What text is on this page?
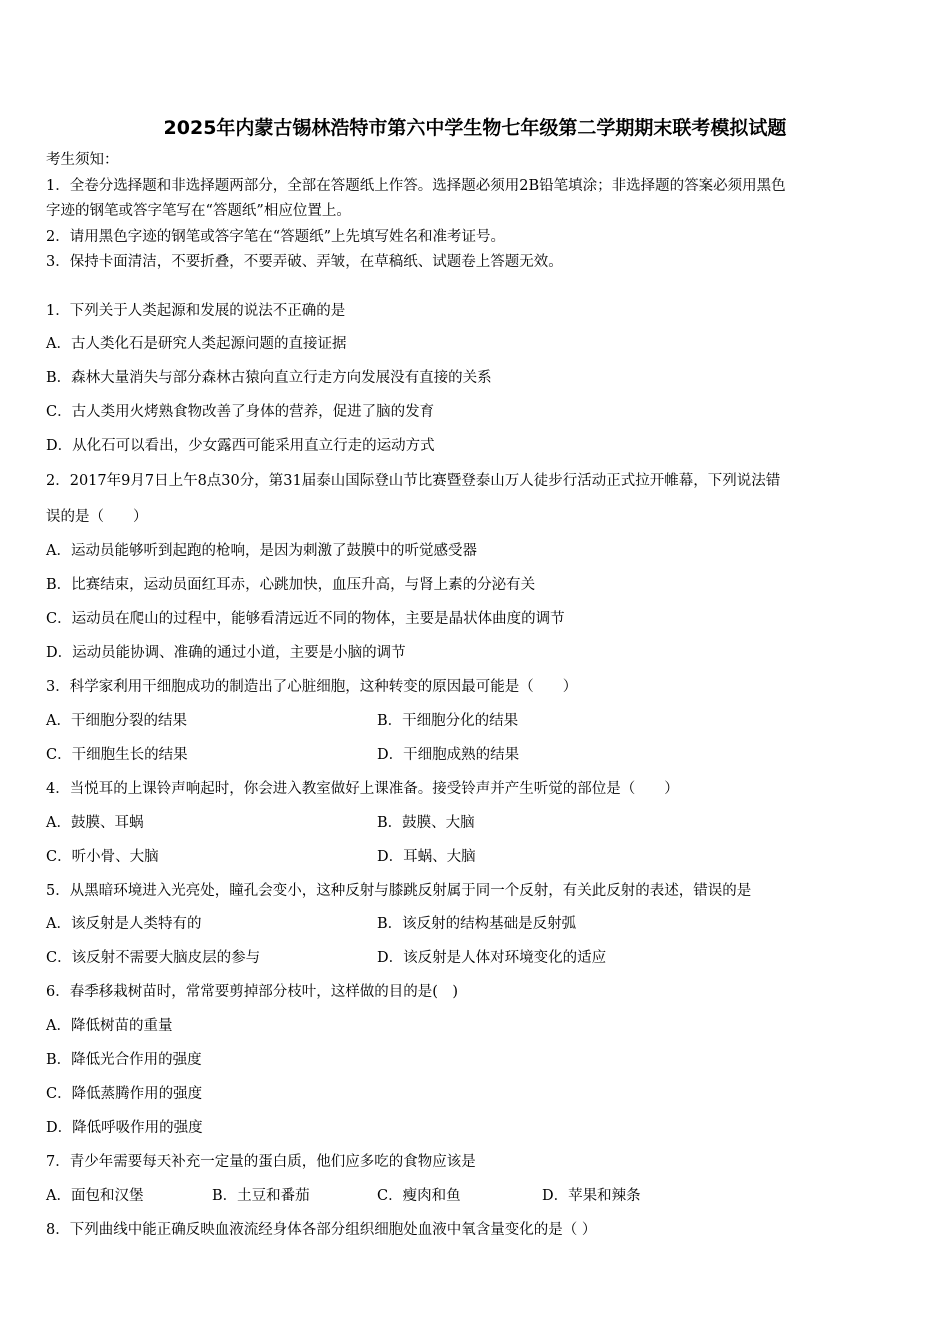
2025年内蒙古锡林浩特市第六中学生物七年级第二学期期末联考模拟试题
考生须知：
1．全卷分选择题和非选择题两部分，全部在答题纸上作答。选择题必须用2B铅笔填涂；非选择题的答案必须用黑色
字迹的钢笔或答字笔写在“答题纸”相应位置上。
2．请用黑色字迹的钢笔或答字笔在“答题纸”上先填写姓名和准考证号。
3．保持卡面清洁，不要折叠，不要弄破、弄皱，在草稿纸、试题卷上答题无效。
1．下列关于人类起源和发展的说法不正确的是
A．古人类化石是研究人类起源问题的直接证据
B．森林大量消失与部分森林古猿向直立行走方向发展没有直接的关系
C．古人类用火烤熟食物改善了身体的营养，促进了脑的发育
D．从化石可以看出，少女露西可能采用直立行走的运动方式
2．2017年9月7日上午8点30分，第31届泰山国际登山节比赛暨登泰山万人徒步行活动正式拉开帷幕，下列说法错
误的是（　　）
A．运动员能够听到起跑的枪响，是因为刺激了鼓膜中的听觉感受器
B．比赛结束，运动员面红耳赤，心跳加快，血压升高，与肾上素的分泌有关
C．运动员在爬山的过程中，能够看清远近不同的物体，主要是晶状体曲度的调节
D．运动员能协调、准确的通过小道，主要是小脑的调节
3．科学家利用干细胞成功的制造出了心脏细胞，这种转变的原因最可能是（　　）
A．干细胞分裂的结果	B．干细胞分化的结果
C．干细胞生长的结果	D．干细胞成熟的结果
4．当悦耳的上课铃声响起时，你会进入教室做好上课准备。接受铃声并产生听觉的部位是（　　）
A．鼓膜、耳蜗	B．鼓膜、大脑
C．听小骨、大脑	D．耳蜗、大脑
5．从黑暗环境进入光亮处，瞳孔会变小，这种反射与膝跳反射属于同一个反射，有关此反射的表述，错误的是
A．该反射是人类特有的	B．该反射的结构基础是反射弧
C．该反射不需要大脑皮层的参与	D．该反射是人体对环境变化的适应
6．春季移栽树苗时，常常要剪掉部分枝叶，这样做的目的是(　)
A．降低树苗的重量
B．降低光合作用的强度
C．降低蒸腾作用的强度
D．降低呼吸作用的强度
7．青少年需要每天补充一定量的蛋白质，他们应多吃的食物应该是
A．面包和汉堡	B．土豆和番茄	C．瘦肉和鱼	D．苹果和辣条
8．下列曲线中能正确反映血液流经身体各部分组织细胞处血液中氧含量变化的是（ ）
